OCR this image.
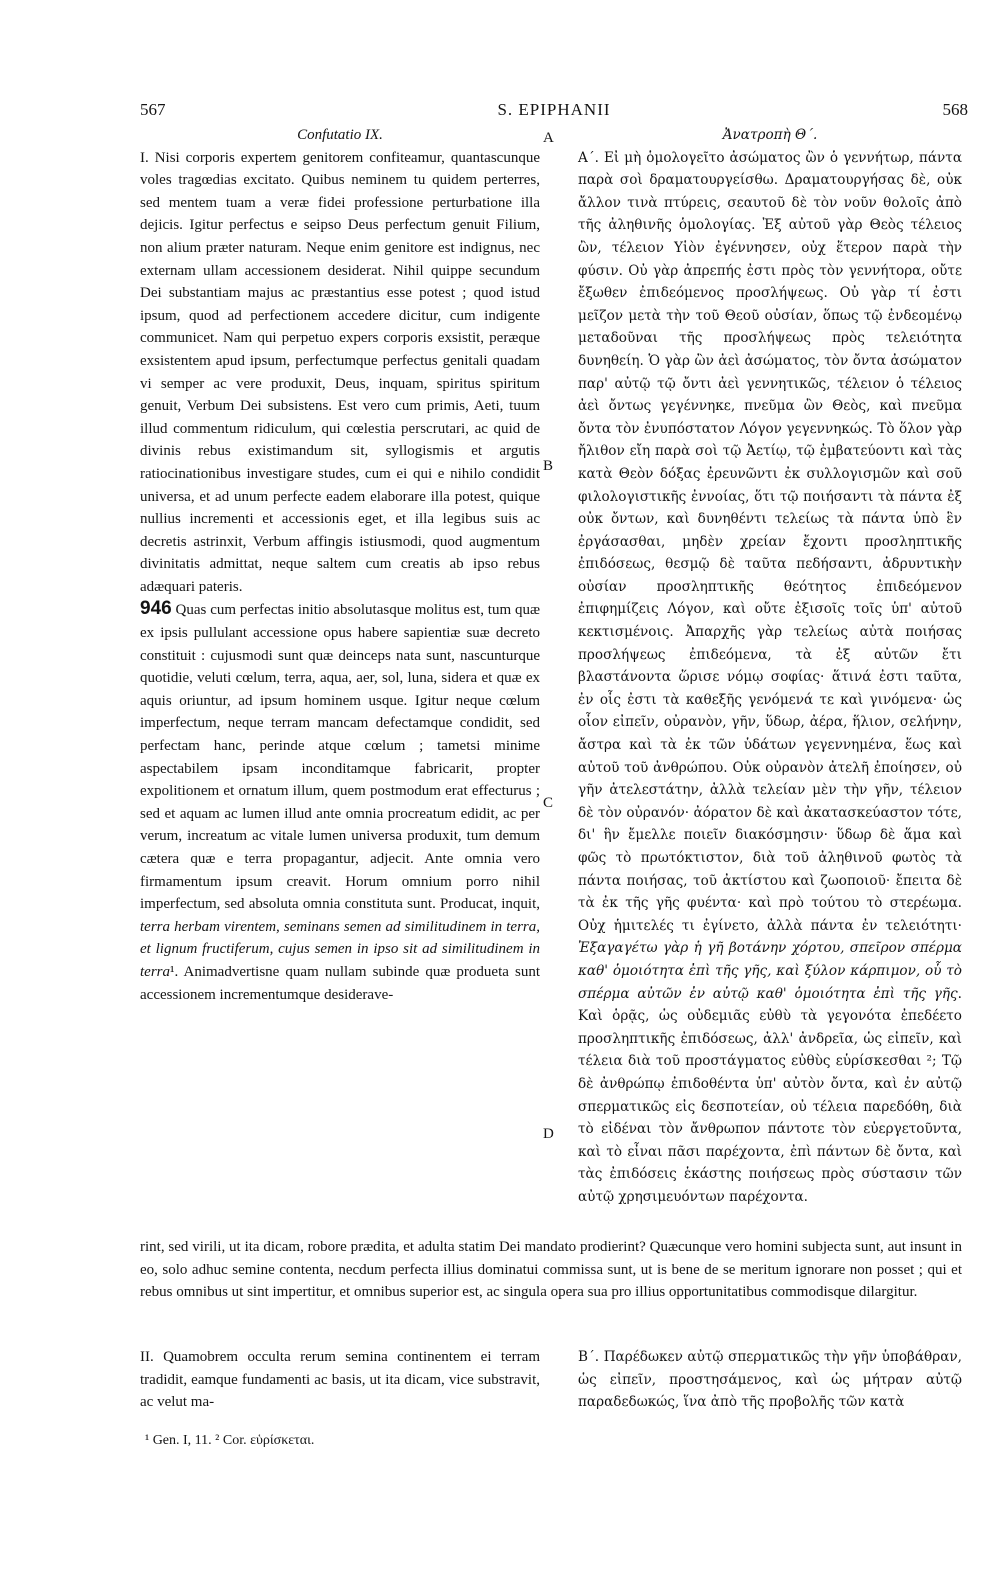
567	S. EPIPHANII	568
A
B
C
D

Confutatio IX.

I. Nisi corporis expertem genitorem confiteamur, quantascunque voles tragœdias excitato. Quibus neminem tu quidem perterres, sed mentem tuam a veræ fidei professione perturbatione illa dejicis. Igitur perfectus e seipso Deus perfectum genuit Filium, non alium præter naturam. Neque enim genitore est indignus, nec externam ullam accessionem desiderat. Nihil quippe secundum Dei substantiam majus ac præstantius esse potest ; quod istud ipsum, quod ad perfectionem accedere dicitur, cum indigente communicet. Nam qui perpetuo expers corporis exsistit, peræque exsistentem apud ipsum, perfectumque perfectus genitali quadam vi semper ac vere produxit, Deus, inquam, spiritus spiritum genuit, Verbum Dei subsistens. Est vero cum primis, Aeti, tuum illud commentum ridiculum, qui cœlestia perscrutari, ac quid de divinis rebus existimandum sit, syllogismis et argutis ratiocinationibus investigare studes, cum ei qui e nihilo condidit universa, et ad unum perfecte eadem elaborare illa potest, quique nullius incrementi et accessionis eget, et illa legibus suis ac decretis astrinxit, Verbum affingis istiusmodi, quod augmentum divinitatis admittat, neque saltem cum creatis ab ipso rebus adæquari pateris.

946 Quas cum perfectas initio absolutasque molitus est, tum quæ ex ipsis pullulant accessione opus habere sapientiæ suæ decreto constituit : cujusmodi sunt quæ deinceps nata sunt, nascunturque quotidie, veluti cœlum, terra, aqua, aer, sol, luna, sidera et quæ ex aquis oriuntur, ad ipsum hominem usque. Igitur neque cœlum imperfectum, neque terram mancam defectamque condidit, sed perfectam hanc, perinde atque cœlum ; tametsi minime aspectabilem ipsam inconditamque fabricarit, propter expolitionem et ornatum illum, quem postmodum erat effecturus ; sed et aquam ac lumen illud ante omnia procreatum edidit, ac per verum, increatum ac vitale lumen universa produxit, tum demum cætera quæ e terra propagantur, adjecit. Ante omnia vero firmamentum ipsum creavit. Horum omnium porro nihil imperfectum, sed absoluta omnia constituta sunt. Producat, inquit, terra herbam virentem, seminans semen ad similitudinem in terra, et lignum fructiferum, cujus semen in ipso sit ad similitudinem in terra¹. Animadvertisne quam nullam subinde quæ produeta sunt accessionem incrementumque desiderave-

Ἀνατροπὴ Θ΄.

Α΄. Εἰ μὴ ὁμολογεῖτο ἀσώματος ὢν ὁ γεννήτωρ, πάντα παρὰ σοὶ δραματουργείσθω. Δραματουργήσας δὲ, οὐκ ἄλλον τινὰ πτύρεις, σεαυτοῦ δὲ τὸν νοῦν θολοῖς ἀπὸ τῆς ἀληθινῆς ὁμολογίας. Ἐξ αὐτοῦ γὰρ Θεὸς τέλειος ὢν, τέλειον Υἱὸν ἐγέννησεν, οὐχ ἕτερον παρὰ τὴν φύσιν. Οὐ γὰρ ἀπρεπής ἐστι πρὸς τὸν γεννήτορα, οὔτε ἔξωθεν ἐπιδεόμενος προσλήψεως. Οὐ γὰρ τί ἐστι μεῖζον μετὰ τὴν τοῦ Θεοῦ οὐσίαν, ὅπως τῷ ἐνδεομένῳ μεταδοῦναι τῆς προσλήψεως πρὸς τελειότητα δυνηθείη. Ὁ γὰρ ὢν ἀεὶ ἀσώματος, τὸν ὄντα ἀσώματον παρ' αὐτῷ τῷ ὄντι ἀεὶ γεννητικῶς, τέλειον ὁ τέλειος ἀεὶ ὄντως γεγέννηκε, πνεῦμα ὢν Θεὸς, καὶ πνεῦμα ὄντα τὸν ἐνυπόστατον Λόγον γεγεννηκώς. Τὸ ὅλον γὰρ ἤλιθον εἴη παρὰ σοὶ τῷ Ἀετίῳ, τῷ ἐμβατεύοντι καὶ τὰς κατὰ Θεὸν δόξας ἐρευνῶντι ἐκ συλλογισμῶν καὶ σοῦ φιλολογιστικῆς ἐννοίας, ὅτι τῷ ποιήσαντι τὰ πάντα ἐξ οὐκ ὄντων, καὶ δυνηθέντι τελείως τὰ πάντα ὑπὸ ἓν ἐργάσασθαι, μηδὲν χρείαν ἔχοντι προσληπτικῆς ἐπιδόσεως, θεσμῷ δὲ ταῦτα πεδήσαντι, ἀδρυντικὴν οὐσίαν προσληπτικῆς θεότητος ἐπιδεόμενον ἐπιφημίζεις Λόγον, καὶ οὔτε ἐξισοῖς τοῖς ὑπ' αὐτοῦ κεκτισμένοις. Ἀπαρχῆς γὰρ τελείως αὐτὰ ποιήσας προσλήψεως ἐπιδεόμενα, τὰ ἐξ αὐτῶν ἔτι βλαστάνοντα ὥρισε νόμῳ σοφίας· ἅτινά ἐστι ταῦτα, ἐν οἷς ἐστι τὰ καθεξῆς γενόμενά τε καὶ γινόμενα· ὡς οἷον εἰπεῖν, οὐρανὸν, γῆν, ὕδωρ, ἀέρα, ἥλιον, σελήνην, ἄστρα καὶ τὰ ἐκ τῶν ὑδάτων γεγεννημένα, ἕως καὶ αὐτοῦ τοῦ ἀνθρώπου. Οὐκ οὐρανὸν ἀτελῆ ἐποίησεν, οὐ γῆν ἀτελεστάτην, ἀλλὰ τελείαν μὲν τὴν γῆν, τέλειον δὲ τὸν οὐρανόν· ἀόρατον δὲ καὶ ἀκατασκεύαστον τότε, δι' ἣν ἔμελλε ποιεῖν διακόσμησιν· ὕδωρ δὲ ἅμα καὶ φῶς τὸ πρωτόκτιστον, διὰ τοῦ ἀληθινοῦ φωτὸς τὰ πάντα ποιήσας, τοῦ ἀκτίστου καὶ ζωοποιοῦ· ἔπειτα δὲ τὰ ἐκ τῆς γῆς φυέντα· καὶ πρὸ τούτου τὸ στερέωμα. Οὐχ ἡμιτελές τι ἐγίνετο, ἀλλὰ πάντα ἐν τελειότητι· Ἐξαγαγέτω γὰρ ἡ γῆ βοτάνην χόρτου, σπεῖρον σπέρμα καθ' ὁμοιότητα ἐπὶ τῆς γῆς, καὶ ξύλον κάρπιμον, οὗ τὸ σπέρμα αὐτῶν ἐν αὐτῷ καθ' ὁμοιότητα ἐπὶ τῆς γῆς. Καὶ ὁρᾷς, ὡς οὐδεμιᾶς εὐθὺ τὰ γεγονότα ἐπεδέετο προσληπτικῆς ἐπιδόσεως, ἀλλ' ἀνδρεῖα, ὡς εἰπεῖν, καὶ τέλεια διὰ τοῦ προστάγματος εὐθὺς εὑρίσκεσθαι ²; Τῷ δὲ ἀνθρώπῳ ἐπιδοθέντα ὑπ' αὐτὸν ὄντα, καὶ ἐν αὐτῷ σπερματικῶς εἰς δεσποτείαν, οὐ τέλεια παρεδόθη, διὰ τὸ εἰδέναι τὸν ἄνθρωπον πάντοτε τὸν εὐεργετοῦντα, καὶ τὸ εἶναι πᾶσι παρέχοντα, ἐπὶ πάντων δὲ ὄντα, καὶ τὰς ἐπιδόσεις ἑκάστης ποιήσεως πρὸς σύστασιν τῶν αὐτῷ χρησιμευόντων παρέχοντα.

rint, sed virili, ut ita dicam, robore prædita, et adulta statim Dei mandato prodierint? Quæcunque vero homini subjecta sunt, aut insunt in eo, solo adhuc semine contenta, necdum perfecta illius dominatui commissa sunt, ut is bene de se meritum ignorare non posset ; qui et rebus omnibus ut sint impertitur, et omnibus superior est, ac singula opera sua pro illius opportunitatibus commodisque dilargitur.
II. Quamobrem occulta rerum semina continentem ei terram tradidit, eamque fundamenti ac basis, ut ita dicam, vice substravit, ac velut ma-
Β΄. Παρέδωκεν αὐτῷ σπερματικῶς τὴν γῆν ὑποβάθραν, ὡς εἰπεῖν, προστησάμενος, καὶ ὡς μήτραν αὐτῷ παραδεδωκώς, ἵνα ἀπὸ τῆς προβολῆς τῶν κατὰ
¹ Gen. I, 11. ² Cor. εὑρίσκεται.
